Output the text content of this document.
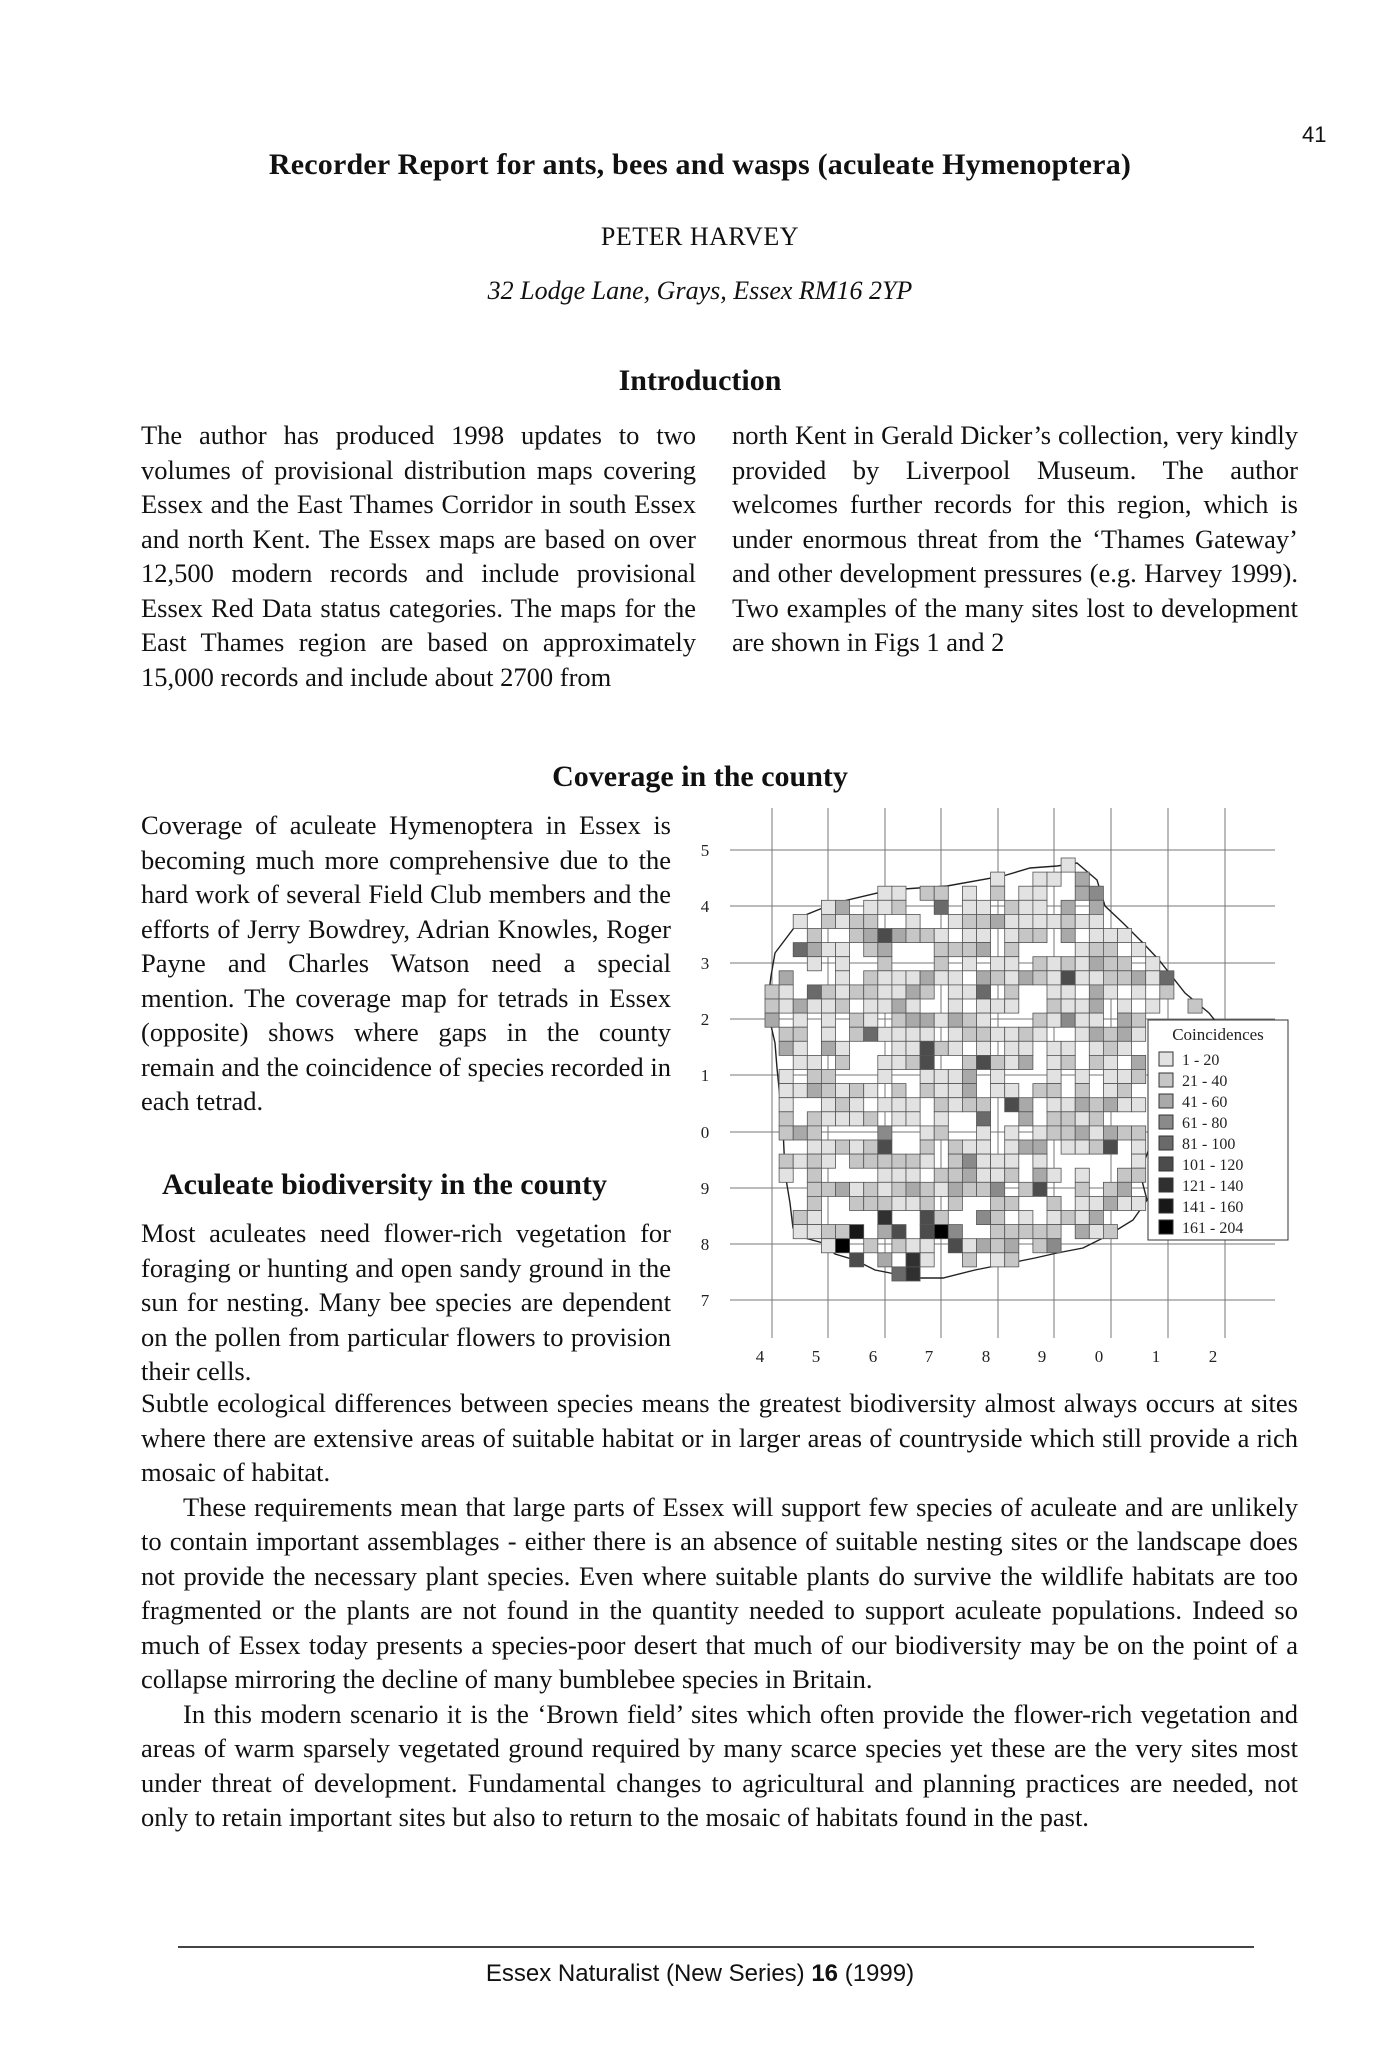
41
Recorder Report for ants, bees and wasps (aculeate Hymenoptera)
PETER HARVEY
32 Lodge Lane, Grays, Essex RM16 2YP
Introduction

The author has produced 1998 updates to two volumes of provisional distribution maps covering Essex and the East Thames Corridor in south Essex and north Kent. The Essex maps are based on over 12,500 modern records and include provisional Essex Red Data status categories. The maps for the East Thames region are based on approximately 15,000 records and include about 2700 from

north Kent in Gerald Dicker’s collection, very kindly provided by Liverpool Museum. The author welcomes further records for this region, which is under enormous threat from the ‘Thames Gateway’ and other development pressures (e.g. Harvey 1999). Two examples of the many sites lost to development are shown in Figs 1 and 2

Coverage in the county

Coverage of aculeate Hymenoptera in Essex is becoming much more comprehensive due to the hard work of several Field Club members and the efforts of Jerry Bowdrey, Adrian Knowles, Roger Payne and Charles Watson need a special mention. The coverage map for tetrads in Essex (opposite) shows where gaps in the county remain and the coincidence of species recorded in each tetrad.

Aculeate biodiversity in the county

Most aculeates need flower-rich vegetation for foraging or hunting and open sandy ground in the sun for nesting. Many bee species are dependent on the pollen from particular flowers to provision their cells.

Subtle ecological differences between species means the greatest biodiversity almost always occurs at sites where there are extensive areas of suitable habitat or in larger areas of countryside which still provide a rich mosaic of habitat.

These requirements mean that large parts of Essex will support few species of aculeate and are unlikely to contain important assemblages - either there is an absence of suitable nesting sites or the landscape does not provide the necessary plant species. Even where suitable plants do survive the wildlife habitats are too fragmented or the plants are not found in the quantity needed to support aculeate populations. Indeed so much of Essex today presents a species-poor desert that much of our biodiversity may be on the point of a collapse mirroring the decline of many bumblebee species in Britain.

In this modern scenario it is the ‘Brown field’ sites which often provide the flower-rich vegetation and areas of warm sparsely vegetated ground required by many scarce species yet these are the very sites most under threat of development. Fundamental changes to agricultural and planning practices are needed, not only to retain important sites but also to return to the mosaic of habitats found in the past.

5
4
3
2
1
0
9
8
7
4	5	6	7	8	9	0	1	2
Coincidences
1 - 20
21 - 40
41 - 60
61 - 80
81 - 100
101 - 120
121 - 140
141 - 160
161 - 204
Essex Naturalist (New Series) 16 (1999)
